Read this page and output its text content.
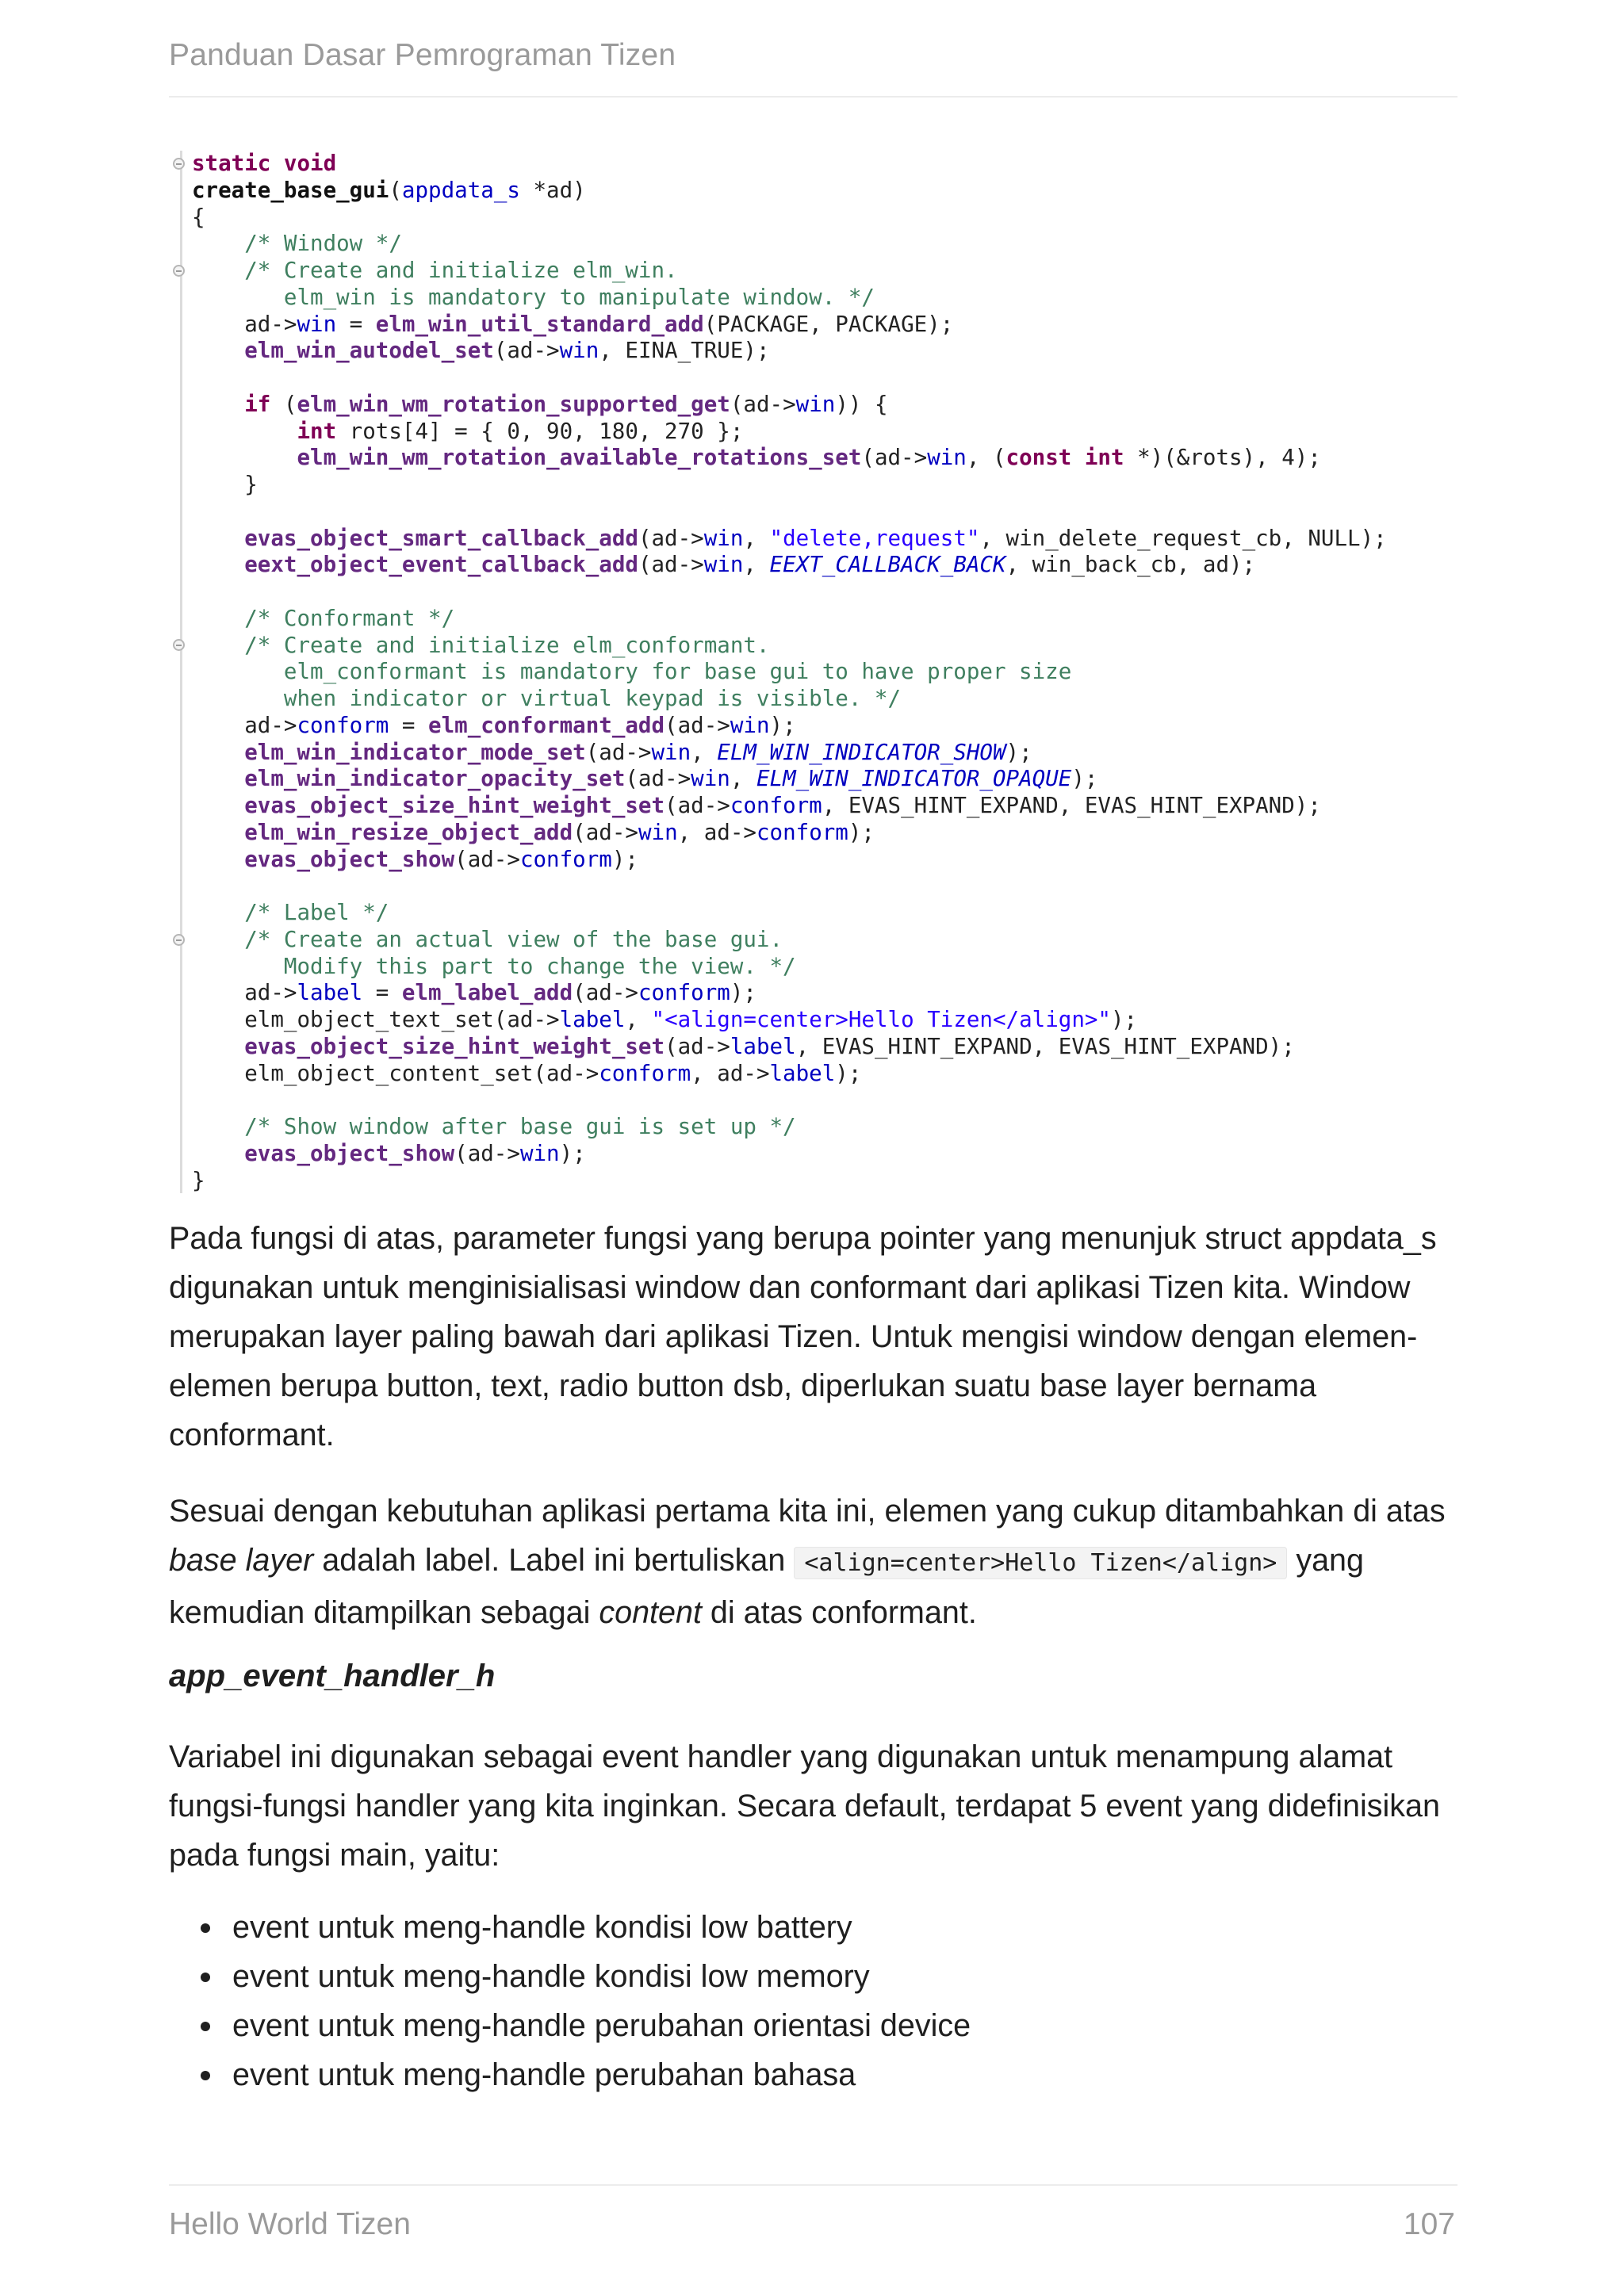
Panduan Dasar Pemrograman Tizen
static void
create_base_gui(appdata_s *ad)
{
/* Window */
/* Create and initialize elm_win.
elm_win is mandatory to manipulate window. */
ad->win = elm_win_util_standard_add(PACKAGE, PACKAGE);
elm_win_autodel_set(ad->win, EINA_TRUE);

if (elm_win_wm_rotation_supported_get(ad->win)) {
int rots[4] = { 0, 90, 180, 270 };
elm_win_wm_rotation_available_rotations_set(ad->win, (const int *)(&rots), 4);
}

evas_object_smart_callback_add(ad->win, "delete,request", win_delete_request_cb, NULL);
eext_object_event_callback_add(ad->win, EEXT_CALLBACK_BACK, win_back_cb, ad);

/* Conformant */
/* Create and initialize elm_conformant.
elm_conformant is mandatory for base gui to have proper size
when indicator or virtual keypad is visible. */
ad->conform = elm_conformant_add(ad->win);
elm_win_indicator_mode_set(ad->win, ELM_WIN_INDICATOR_SHOW);
elm_win_indicator_opacity_set(ad->win, ELM_WIN_INDICATOR_OPAQUE);
evas_object_size_hint_weight_set(ad->conform, EVAS_HINT_EXPAND, EVAS_HINT_EXPAND);
elm_win_resize_object_add(ad->win, ad->conform);
evas_object_show(ad->conform);

/* Label */
/* Create an actual view of the base gui.
Modify this part to change the view. */
ad->label = elm_label_add(ad->conform);
elm_object_text_set(ad->label, "<align=center>Hello Tizen</align>");
evas_object_size_hint_weight_set(ad->label, EVAS_HINT_EXPAND, EVAS_HINT_EXPAND);
elm_object_content_set(ad->conform, ad->label);

/* Show window after base gui is set up */
evas_object_show(ad->win);
}

Pada fungsi di atas, parameter fungsi yang berupa pointer yang menunjuk struct appdata_s digunakan untuk menginisialisasi window dan conformant dari aplikasi Tizen kita. Window merupakan layer paling bawah dari aplikasi Tizen. Untuk mengisi window dengan elemen-elemen berupa button, text, radio button dsb, diperlukan suatu base layer bernama conformant.

Sesuai dengan kebutuhan aplikasi pertama kita ini, elemen yang cukup ditambahkan di atas base layer adalah label. Label ini bertuliskan <align=center>Hello Tizen</align> yang kemudian ditampilkan sebagai content di atas conformant.

app_event_handler_h

Variabel ini digunakan sebagai event handler yang digunakan untuk menampung alamat fungsi-fungsi handler yang kita inginkan. Secara default, terdapat 5 event yang didefinisikan pada fungsi main, yaitu:

event untuk meng-handle kondisi low battery
event untuk meng-handle kondisi low memory
event untuk meng-handle perubahan orientasi device
event untuk meng-handle perubahan bahasa
Hello World Tizen	107
